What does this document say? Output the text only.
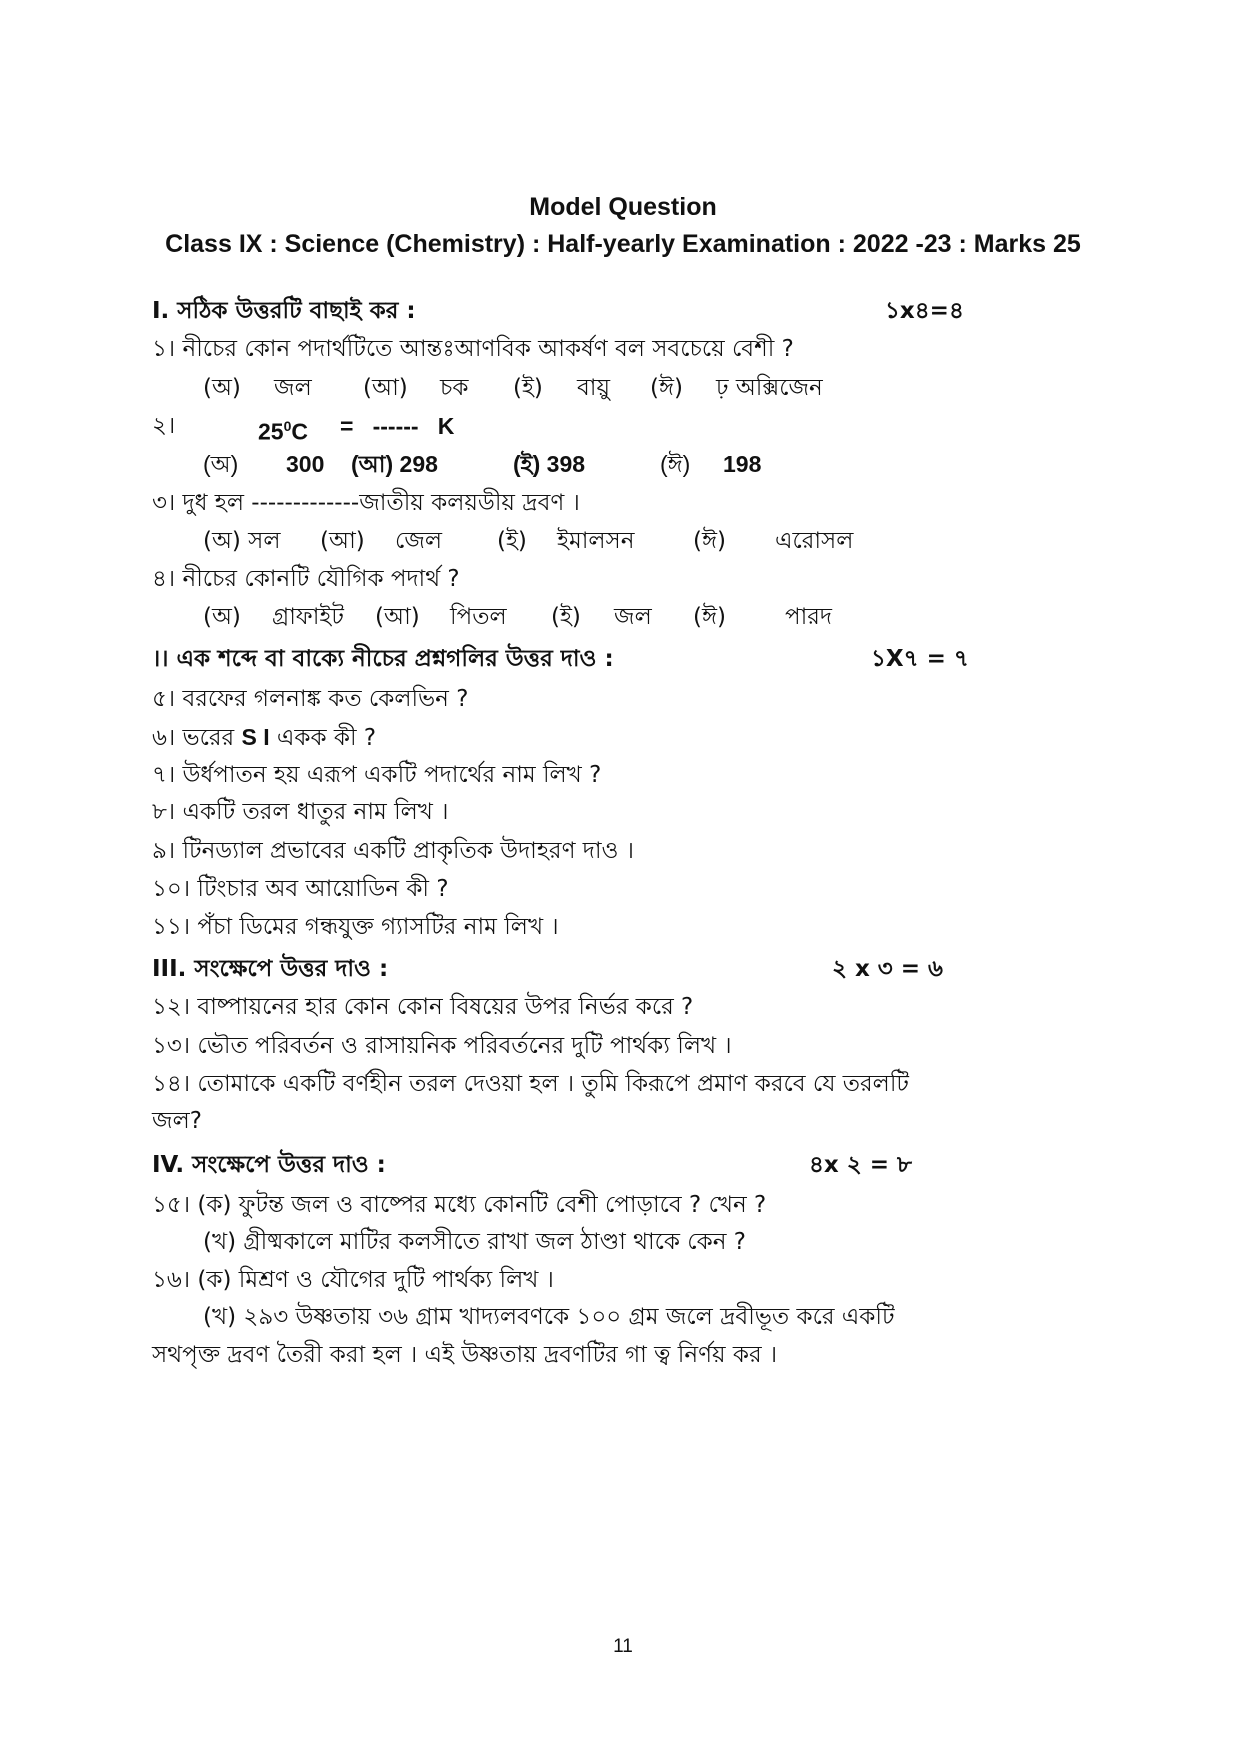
Model Question
Class IX : Science (Chemistry) : Half-yearly Examination : 2022 -23 : Marks 25
I. সঠিক উত্তরটি বাছাই কর :	১x৪=৪
১। নীচের কোন পদার্থটিতে আন্তঃআণবিক আকর্ষণ বল সবচেয়ে বেশী ?
(অ) জল (আ) চক (ই) বায়ু (ঈ) ঢ় অক্সিজেন
২।	$25^0C$ =   ------   K
(অ) 300 (আ) 298	(ই) 398	(ঈ) 198
৩। দুধ হল -------------জাতীয় কলয়ডীয় দ্রবণ ।
(অ) সল (আ) জেল (ই) ইমালসন	(ঈ) এরোসল
৪। নীচের কোনটি যৌগিক পদার্থ ?
(অ) গ্রাফাইট (আ) পিতল (ই) জল (ঈ)	পারদ
।। এক শব্দে বা বাক্যে নীচের প্রশ্নগলির উত্তর দাও :	১X৭ = ৭
৫। বরফের গলনাঙ্ক কত কেলভিন ?
৬। ভরের S I একক কী ?
৭। উর্ধপাতন হয় এরূপ একটি পদার্থের নাম লিখ ?
৮। একটি তরল ধাতুর নাম লিখ ।
৯। টিনড্যাল প্রভাবের একটি প্রাকৃতিক উদাহরণ দাও ।
১০। টিংচার অব আয়োডিন কী ?
১১। পঁচা ডিমের গন্ধযুক্ত গ্যাসটির নাম লিখ ।
III. সংক্ষেপে উত্তর দাও :	২ x ৩ = ৬
১২। বাষ্পায়নের হার কোন কোন বিষয়ের উপর নির্ভর করে ?
১৩। ভৌত পরিবর্তন ও রাসায়নিক পরিবর্তনের দুটি পার্থক্য লিখ ।
১৪। তোমাকে একটি বর্ণহীন তরল দেওয়া হল । তুমি কিরূপে প্রমাণ করবে যে তরলটি
জল?
IV. সংক্ষেপে উত্তর দাও :	৪x ২ = ৮
১৫। (ক) ফুটন্ত জল ও বাষ্পের মধ্যে কোনটি বেশী পোড়াবে ? খেন ?
(খ) গ্রীষ্মকালে মাটির কলসীতে রাখা জল ঠাণ্ডা থাকে কেন ?
১৬। (ক) মিশ্রণ ও যৌগের দুটি পার্থক্য লিখ ।
(খ) ২৯৩ উষ্ণতায় ৩৬ গ্রাম খাদ্যলবণকে ১০০ গ্রম জলে দ্রবীভূত করে একটি
সথপৃক্ত দ্রবণ তৈরী করা হল । এই উষ্ণতায় দ্রবণটির গা ত্ব নির্ণয় কর ।
11
